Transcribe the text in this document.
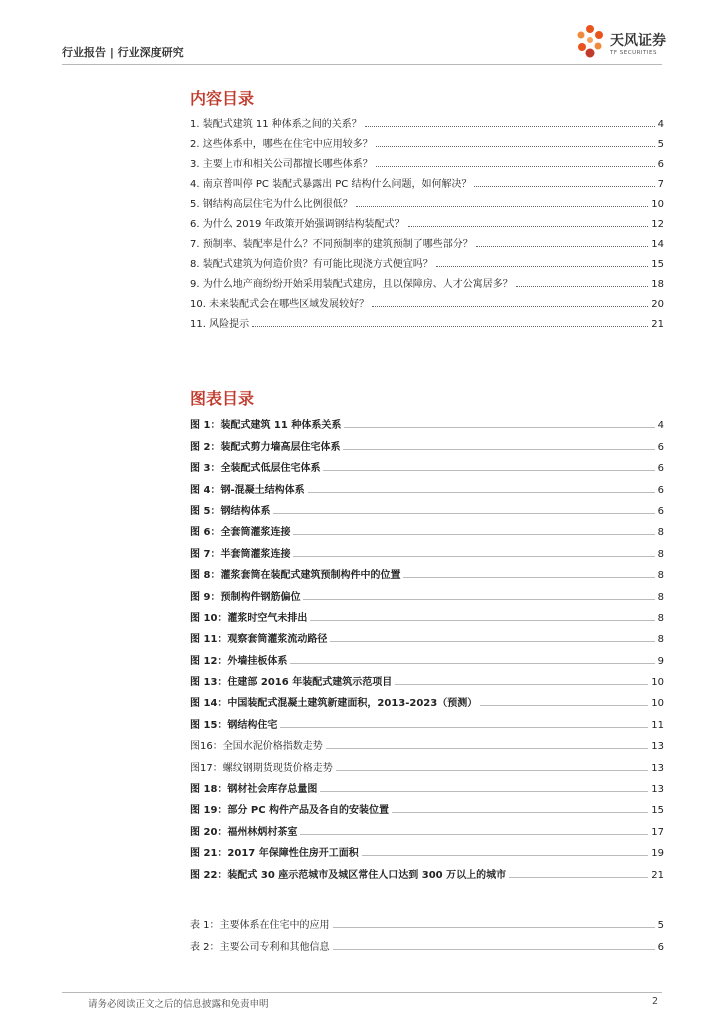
行业报告 | 行业深度研究
天风证券
TF SECURITIES
内容目录
1. 装配式建筑 11 种体系之间的关系？	4
2. 这些体系中，哪些在住宅中应用较多？	5
3. 主要上市和相关公司都擅长哪些体系？	6
4. 南京普叫停 PC 装配式暴露出 PC 结构什么问题，如何解决？	7
5. 钢结构高层住宅为什么比例很低？	10
6. 为什么 2019 年政策开始强调钢结构装配式？	12
7. 预制率、装配率是什么？不同预制率的建筑预制了哪些部分？	14
8. 装配式建筑为何造价贵？有可能比现浇方式便宜吗？	15
9. 为什么地产商纷纷开始采用装配式建房，且以保障房、人才公寓居多？	18
10. 未来装配式会在哪些区域发展较好？	20
11. 风险提示	21
图表目录
图 1：装配式建筑 11 种体系关系	4
图 2：装配式剪力墙高层住宅体系	6
图 3：全装配式低层住宅体系	6
图 4：钢-混凝土结构体系	6
图 5：钢结构体系	6
图 6：全套筒灌浆连接	8
图 7：半套筒灌浆连接	8
图 8：灌浆套筒在装配式建筑预制构件中的位置	8
图 9：预制构件钢筋偏位	8
图 10：灌浆时空气未排出	8
图 11：观察套筒灌浆流动路径	8
图 12：外墙挂板体系	9
图 13：住建部 2016 年装配式建筑示范项目	10
图 14：中国装配式混凝土建筑新建面积，2013-2023（预测）	10
图 15：钢结构住宅	11
图16：全国水泥价格指数走势	13
图17：螺纹钢期货现货价格走势	13
图 18：钢材社会库存总量图	13
图 19：部分 PC 构件产品及各自的安装位置	15
图 20：福州林炳村茶室	17
图 21：2017 年保障性住房开工面积	19
图 22：装配式 30 座示范城市及城区常住人口达到 300 万以上的城市	21
表 1：主要体系在住宅中的应用	5
表 2：主要公司专利和其他信息	6
请务必阅读正文之后的信息披露和免责申明	2
